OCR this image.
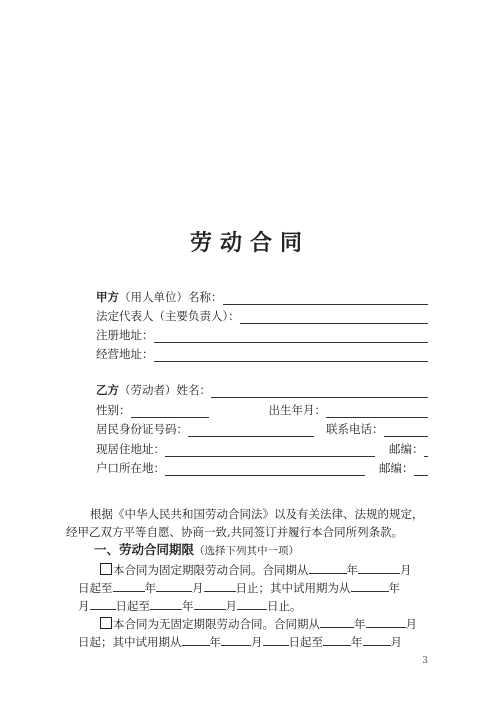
劳动合同
甲方 （用人单位）名称：
法定代表人（主要负责人）：
注册地址：
经营地址：
乙方 （劳动者）姓名：
性别：	出生年月：
居民身份证号码：	联系电话：
现居住地址：	邮编：
户口所在地：	邮编：
根据《中华人民共和国劳动合同法》以及有关法律、法规的规定，
经甲乙双方平等自愿、协商一致,共同签订并履行本合同所列条款。
一、劳动合同期限（选择下列其中一项）
本合同为固定期限劳动合同。合同期从	年	月
日起至	年	月	日止；其中试用期为从	年
月 日起至	年	月	日止。
本合同为无固定期限劳动合同。合同期从	年	月
日起；其中试用期从 年	月 日起至 年 月
3
